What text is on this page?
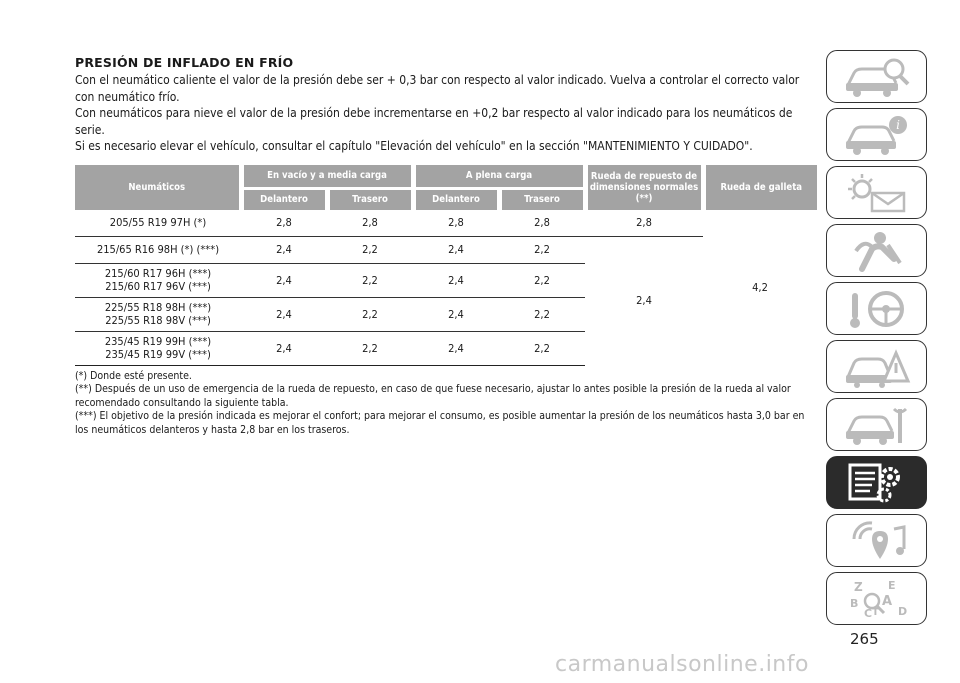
PRESIÓN DE INFLADO EN FRÍO

Con el neumático caliente el valor de la presión debe ser + 0,3 bar con respecto al valor indicado. Vuelva a controlar el correcto valor con neumático frío.

Con neumáticos para nieve el valor de la presión debe incrementarse en +0,2 bar respecto al valor indicado para los neumáticos de serie.

Si es necesario elevar el vehículo, consultar el capítulo "Elevación del vehículo" en la sección "MANTENIMIENTO Y CUIDADO".

Neumáticos	En vacío y a media carga		A plena carga		Rueda de repuesto de dimensiones normales (**)	Rueda de galleta
	Delantero	Trasero	Delantero	Trasero		

205/55 R19 97H (*)	2,8	2,8	2,8	2,8	2,8	4,2

215/65 R16 98H (*) (***)	2,4	2,2	2,4	2,2	2,4	

215/60 R17 96H (***)
215/60 R17 96V (***)	2,4	2,2	2,4	2,2		

225/55 R18 98H (***)
225/55 R18 98V (***)	2,4	2,2	2,4	2,2		

235/45 R19 99H (***)
235/45 R19 99V (***)	2,4	2,2	2,4	2,2		

(*) Donde esté presente.

(**) Después de un uso de emergencia de la rueda de repuesto, en caso de que fuese necesario, ajustar lo antes posible la presión de la rueda al valor recomendado consultando la siguiente tabla.

(***) El objetivo de la presión indicada es mejorar el confort; para mejorar el consumo, es posible aumentar la presión de los neumáticos hasta 3,0 bar en los neumáticos delanteros y hasta 2,8 bar en los traseros.

i
Z E
B A
C T D
265
carmanualsonline.info
